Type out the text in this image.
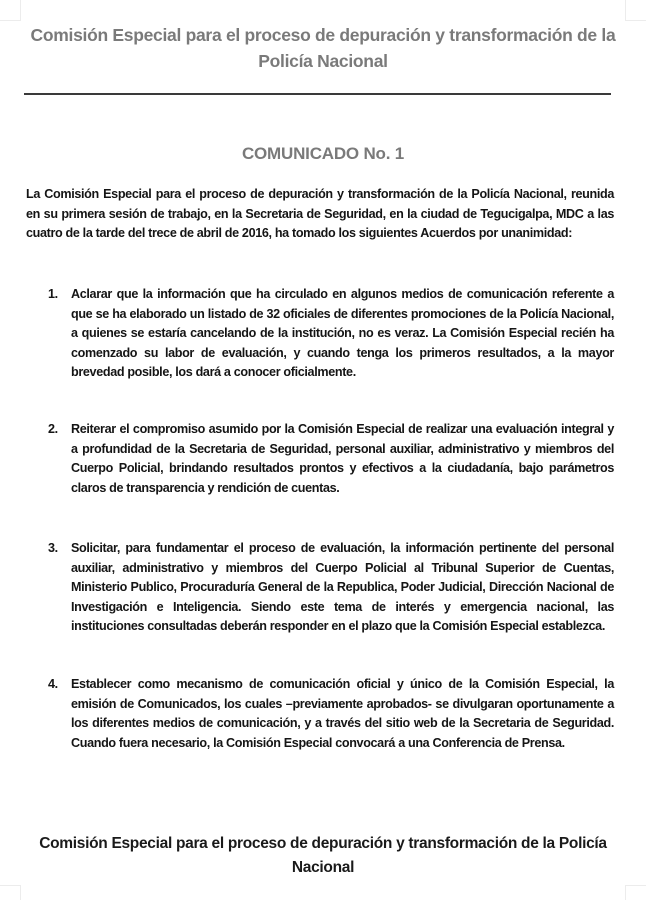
Comisión Especial para el proceso de depuración y transformación de la Policía Nacional
COMUNICADO No. 1

La Comisión Especial para el proceso de depuración y transformación de la Policía Nacional, reunida en su primera sesión de trabajo, en la Secretaria de Seguridad, en la ciudad de Tegucigalpa, MDC a las cuatro de la tarde del trece de abril de 2016, ha tomado los siguientes Acuerdos por unanimidad:

1.	Aclarar que la información que ha circulado en algunos medios de comunicación referente a que se ha elaborado un listado de 32 oficiales de diferentes promociones de la Policía Nacional, a quienes se estaría cancelando de la institución, no es veraz. La Comisión Especial recién ha comenzado su labor de evaluación, y cuando tenga los primeros resultados, a la mayor brevedad posible, los dará a conocer oficialmente.
2.	Reiterar el compromiso asumido por la Comisión Especial de realizar una evaluación integral y a profundidad de la Secretaria de Seguridad, personal auxiliar, administrativo y miembros del Cuerpo Policial, brindando resultados prontos y efectivos a la ciudadanía, bajo parámetros claros de transparencia y rendición de cuentas.
3.	Solicitar, para fundamentar el proceso de evaluación, la información pertinente del personal auxiliar, administrativo y miembros del Cuerpo Policial al Tribunal Superior de Cuentas, Ministerio Publico, Procuraduría General de la Republica, Poder Judicial, Dirección Nacional de Investigación e Inteligencia. Siendo este tema de interés y emergencia nacional, las instituciones consultadas deberán responder en el plazo que la Comisión Especial establezca.
4.	Establecer como mecanismo de comunicación oficial y único de la Comisión Especial, la emisión de Comunicados, los cuales –previamente aprobados- se divulgaran oportunamente a los diferentes medios de comunicación, y a través del sitio web de la Secretaria de Seguridad. Cuando fuera necesario, la Comisión Especial convocará a una Conferencia de Prensa.
Comisión Especial para el proceso de depuración y transformación de la Policía Nacional
